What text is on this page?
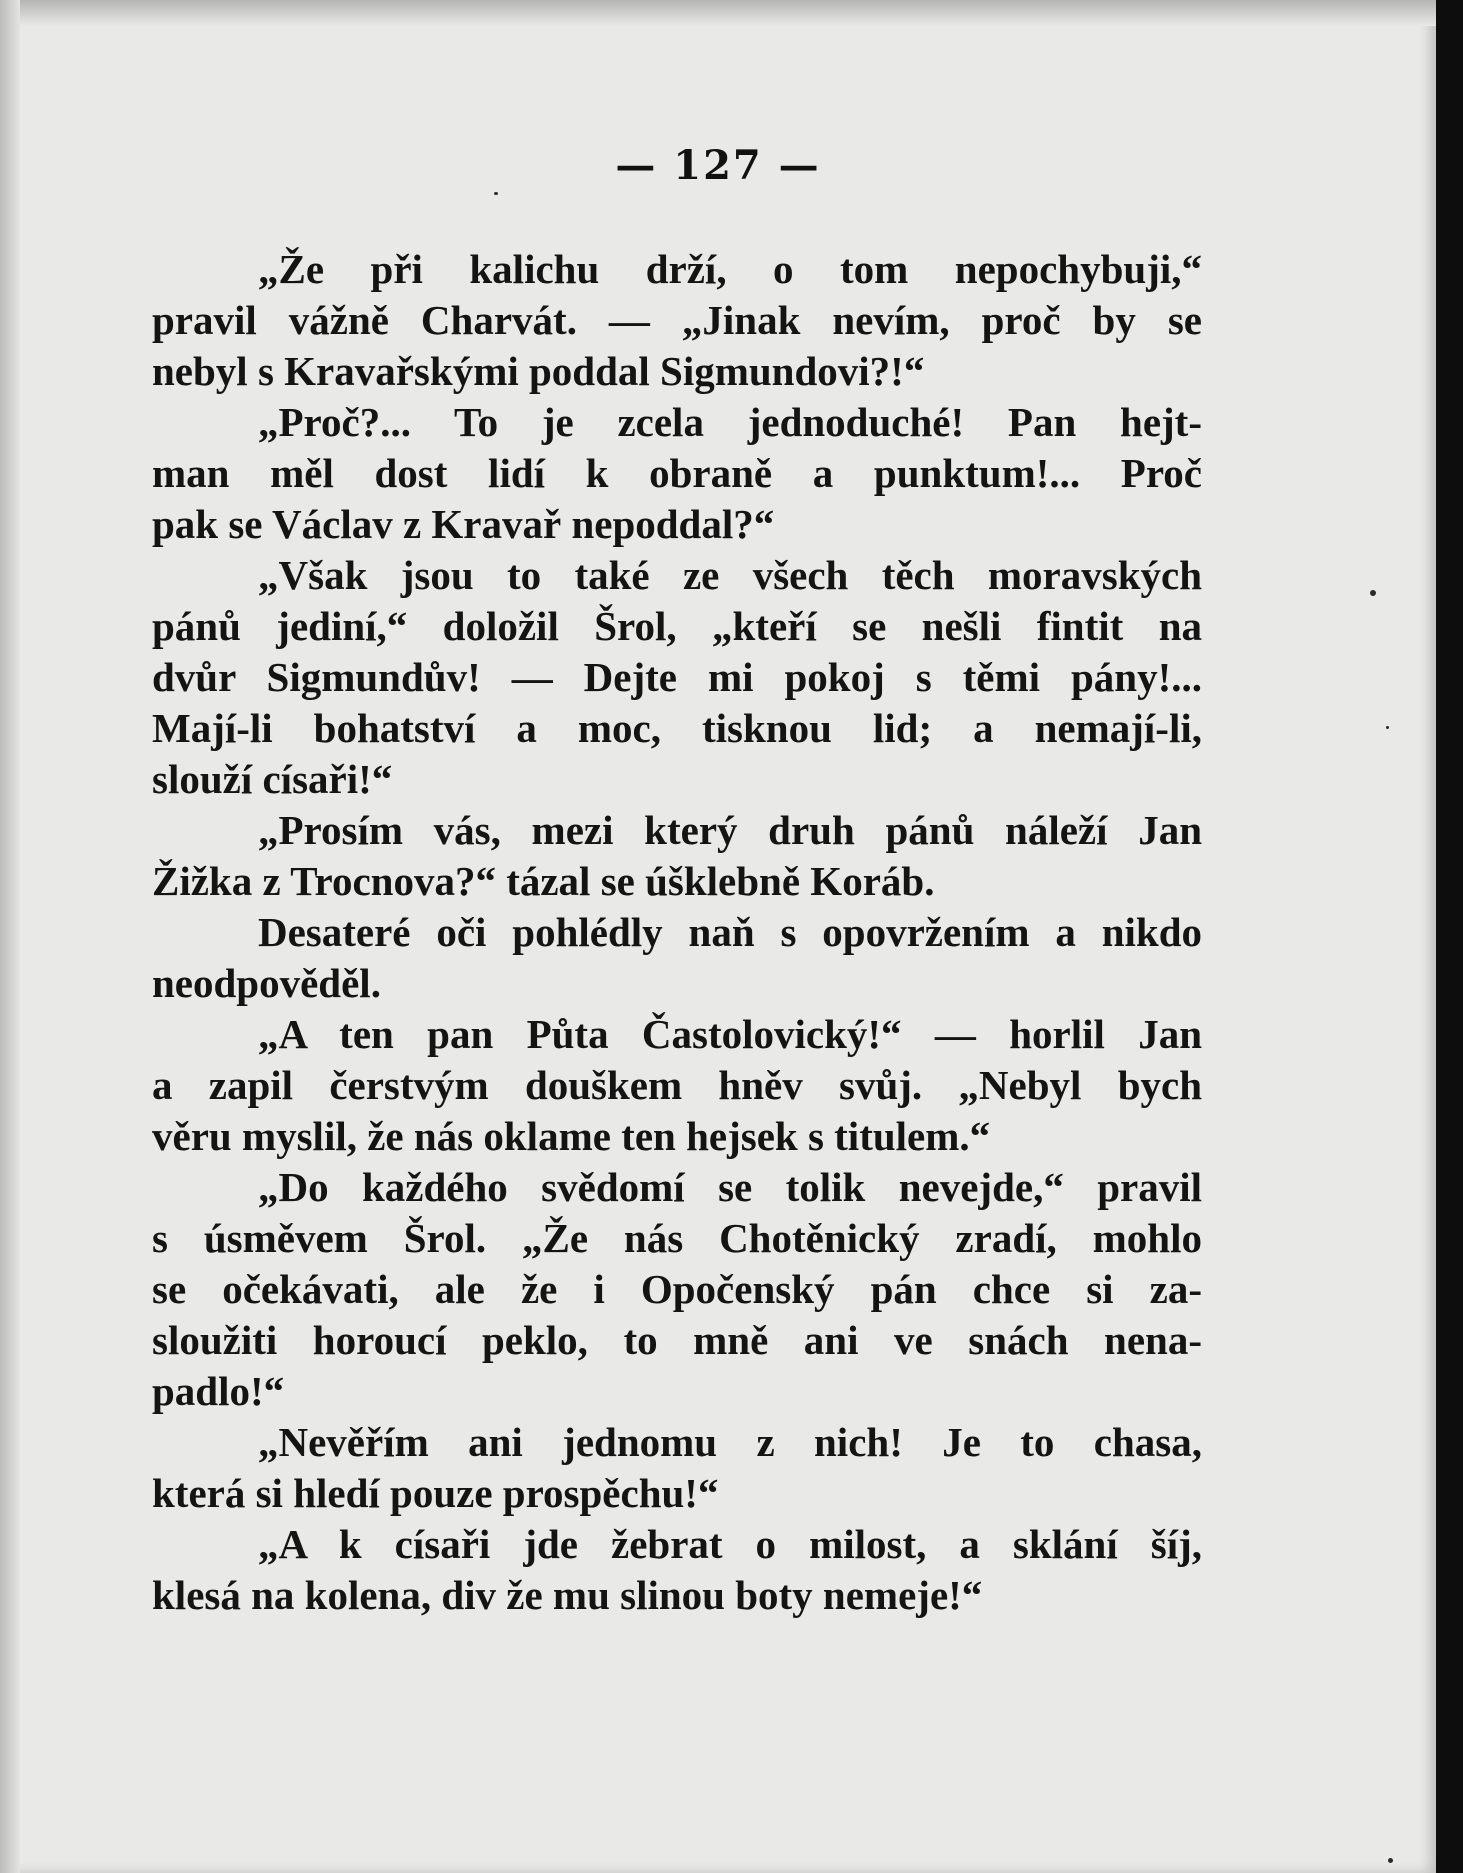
— 127 —
„Že při kalichu drží, o tom nepochybuji,“
pravil vážně Charvát. — „Jinak nevím, proč by se
nebyl s Kravařskými poddal Sigmundovi?!“
„Proč?... To je zcela jednoduché! Pan hejt-
man měl dost lidí k obraně a punktum!... Proč
pak se Václav z Kravař nepoddal?“
„Však jsou to také ze všech těch moravských
pánů jediní,“ doložil Šrol, „kteří se nešli fintit na
dvůr Sigmundův! — Dejte mi pokoj s těmi pány!...
Mají-li bohatství a moc, tisknou lid; a nemají-li,
slouží císaři!“
„Prosím vás, mezi který druh pánů náleží Jan
Žižka z Trocnova?“ tázal se úšklebně Koráb.
Desateré oči pohlédly naň s opovržením a nikdo
neodpověděl.
„A ten pan Půta Častolovický!“ — horlil Jan
a zapil čerstvým douškem hněv svůj. „Nebyl bych
věru myslil, že nás oklame ten hejsek s titulem.“
„Do každého svědomí se tolik nevejde,“ pravil
s úsměvem Šrol. „Že nás Chotěnický zradí, mohlo
se očekávati, ale že i Opočenský pán chce si za-
sloužiti horoucí peklo, to mně ani ve snách nena-
padlo!“
„Nevěřím ani jednomu z nich! Je to chasa,
která si hledí pouze prospěchu!“
„A k císaři jde žebrat o milost, a sklání šíj,
klesá na kolena, div že mu slinou boty nemeje!“
